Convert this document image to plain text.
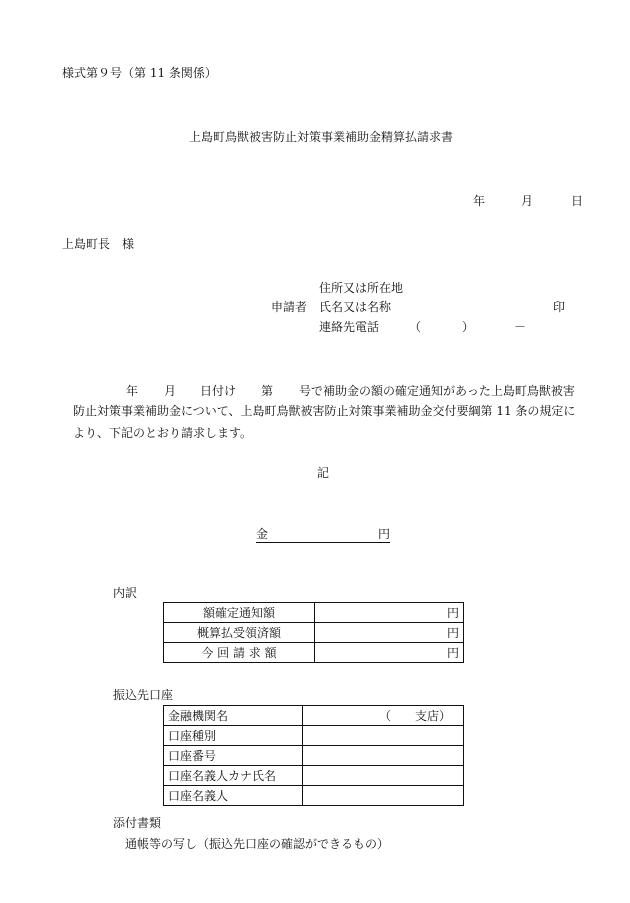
様式第９号（第 11 条関係）
上島町鳥獣被害防止対策事業補助金精算払請求書
年	月	日
上島町長　様
住所又は所在地
申請者 氏名又は名称	印
連絡先電話 （	）	－
年 月 日付け 第 号で補助金の額の確定通知があった上島町鳥獣被害
防止対策事業補助金について、上島町鳥獣被害防止対策事業補助金交付要綱第 11 条の規定に
より、下記のとおり請求します。
記
金	円
内訳
額確定通知額	円
概算払受領済額	円
今 回 請 求 額	円
振込先口座
金融機関名	（　　支店）
口座種別	
口座番号	
口座名義人カナ氏名	
口座名義人	
添付書類
通帳等の写し（振込先口座の確認ができるもの）
